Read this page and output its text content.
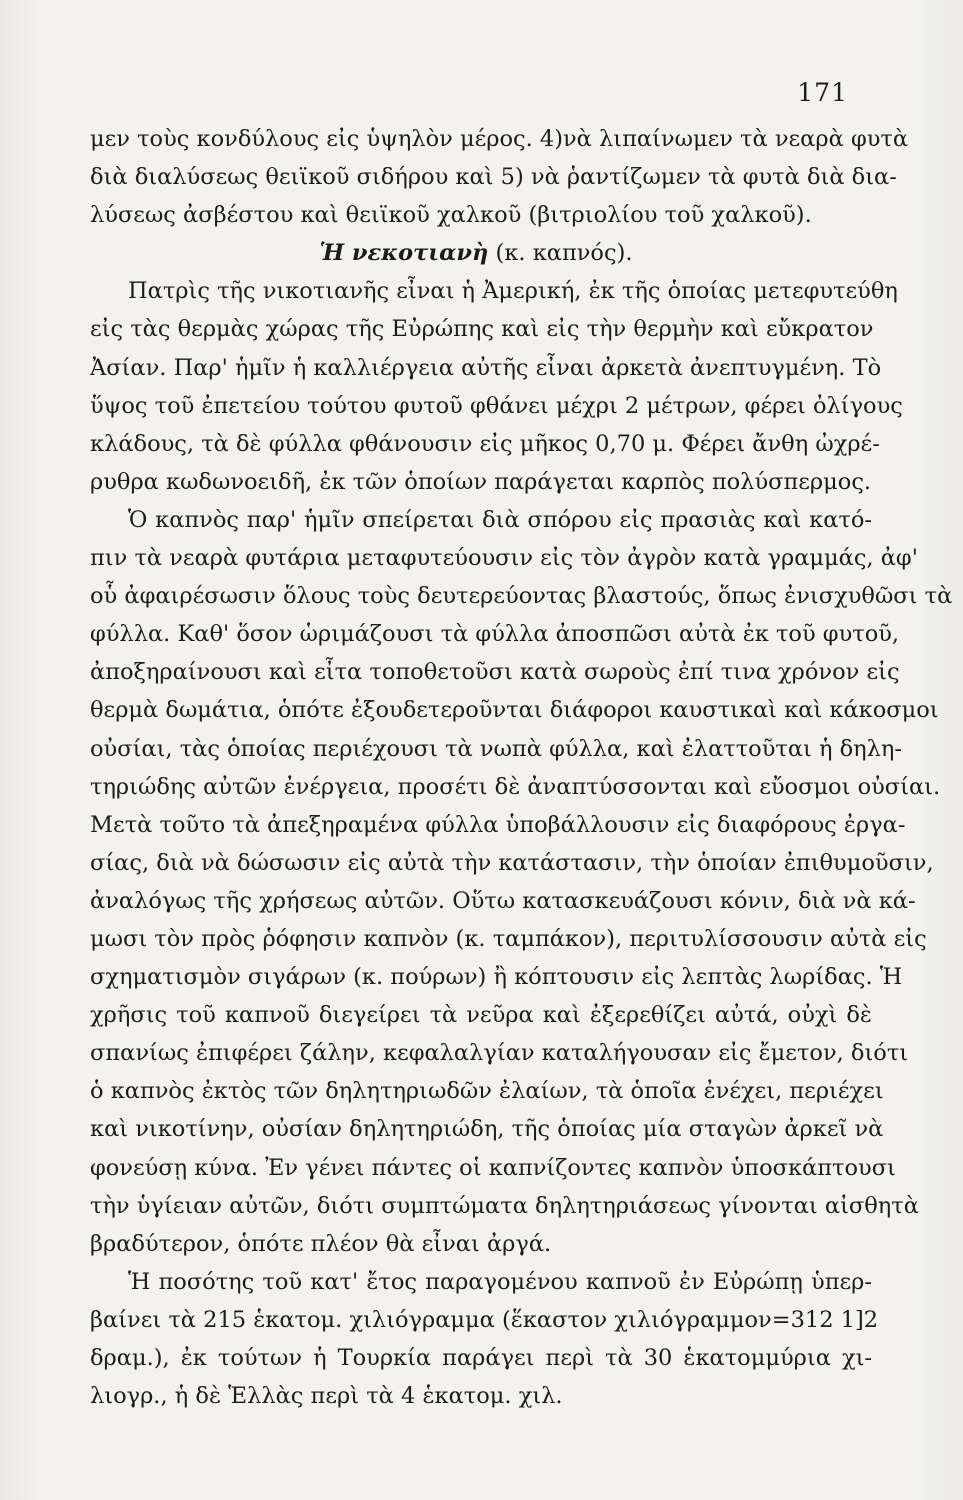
171
μεν τοὺς κονδύλους εἰς ὑψηλὸν μέρος. 4)νὰ λιπαίνωμεν τὰ νεαρὰ φυτὰ
διὰ διαλύσεως θειϊκοῦ σιδήρου καὶ 5) νὰ ῥαντίζωμεν τὰ φυτὰ διὰ δια-
λύσεως ἀσβέστου καὶ θειϊκοῦ χαλκοῦ (βιτριολίου τοῦ χαλκοῦ).
Ἡ νεκοτιανὴ (κ. καπνός).
Πατρὶς τῆς νικοτιανῆς εἶναι ἡ Ἀμερική, ἐκ τῆς ὁποίας μετεφυτεύθη
εἰς τὰς θερμὰς χώρας τῆς Εὐρώπης καὶ εἰς τὴν θερμὴν καὶ εὔκρατον
Ἀσίαν. Παρ' ἡμῖν ἡ καλλιέργεια αὐτῆς εἶναι ἀρκετὰ ἀνεπτυγμένη. Τὸ
ὕψος τοῦ ἐπετείου τούτου φυτοῦ φθάνει μέχρι 2 μέτρων, φέρει ὀλίγους
κλάδους, τὰ δὲ φύλλα φθάνουσιν εἰς μῆκος 0,70 μ. Φέρει ἄνθη ὠχρέ-
ρυθρα κωδωνοειδῆ, ἐκ τῶν ὁποίων παράγεται καρπὸς πολύσπερμος.
Ὁ καπνὸς παρ' ἡμῖν σπείρεται διὰ σπόρου εἰς πρασιὰς καὶ κατό-
πιν τὰ νεαρὰ φυτάρια μεταφυτεύουσιν εἰς τὸν ἀγρὸν κατὰ γραμμάς, ἀφ'
οὗ ἀφαιρέσωσιν ὅλους τοὺς δευτερεύοντας βλαστούς, ὅπως ἐνισχυθῶσι τὰ
φύλλα. Καθ' ὅσον ὡριμάζουσι τὰ φύλλα ἀποσπῶσι αὐτὰ ἐκ τοῦ φυτοῦ,
ἀποξηραίνουσι καὶ εἶτα τοποθετοῦσι κατὰ σωροὺς ἐπί τινα χρόνον εἰς
θερμὰ δωμάτια, ὁπότε ἐξουδετεροῦνται διάφοροι καυστικαὶ καὶ κάκοσμοι
οὐσίαι, τὰς ὁποίας περιέχουσι τὰ νωπὰ φύλλα, καὶ ἐλαττοῦται ἡ δηλη-
τηριώδης αὐτῶν ἐνέργεια, προσέτι δὲ ἀναπτύσσονται καὶ εὔοσμοι οὐσίαι.
Μετὰ τοῦτο τὰ ἀπεξηραμένα φύλλα ὑποβάλλουσιν εἰς διαφόρους ἐργα-
σίας, διὰ νὰ δώσωσιν εἰς αὐτὰ τὴν κατάστασιν, τὴν ὁποίαν ἐπιθυμοῦσιν,
ἀναλόγως τῆς χρήσεως αὐτῶν. Οὕτω κατασκευάζουσι κόνιν, διὰ νὰ κά-
μωσι τὸν πρὸς ῥόφησιν καπνὸν (κ. ταμπάκον), περιτυλίσσουσιν αὐτὰ εἰς
σχηματισμὸν σιγάρων (κ. πούρων) ἢ κόπτουσιν εἰς λεπτὰς λωρίδας. Ἡ
χρῆσις τοῦ καπνοῦ διεγείρει τὰ νεῦρα καὶ ἐξερεθίζει αὐτά, οὐχὶ δὲ
σπανίως ἐπιφέρει ζάλην, κεφαλαλγίαν καταλήγουσαν εἰς ἔμετον, διότι
ὁ καπνὸς ἐκτὸς τῶν δηλητηριωδῶν ἐλαίων, τὰ ὁποῖα ἐνέχει, περιέχει
καὶ νικοτίνην, οὐσίαν δηλητηριώδη, τῆς ὁποίας μία σταγὼν ἀρκεῖ νὰ
φονεύσῃ κύνα. Ἐν γένει πάντες οἱ καπνίζοντες καπνὸν ὑποσκάπτουσι
τὴν ὑγίειαν αὐτῶν, διότι συμπτώματα δηλητηριάσεως γίνονται αἰσθητὰ
βραδύτερον, ὁπότε πλέον θὰ εἶναι ἀργά.
Ἡ ποσότης τοῦ κατ' ἔτος παραγομένου καπνοῦ ἐν Εὐρώπῃ ὑπερ-
βαίνει τὰ 215 ἑκατομ. χιλιόγραμμα (ἕκαστον χιλιόγραμμον=312 1]2
δραμ.), ἐκ τούτων ἡ Τουρκία παράγει περὶ τὰ 30 ἑκατομμύρια χι-
λιογρ., ἡ δὲ Ἑλλὰς περὶ τὰ 4 ἑκατομ. χιλ.
